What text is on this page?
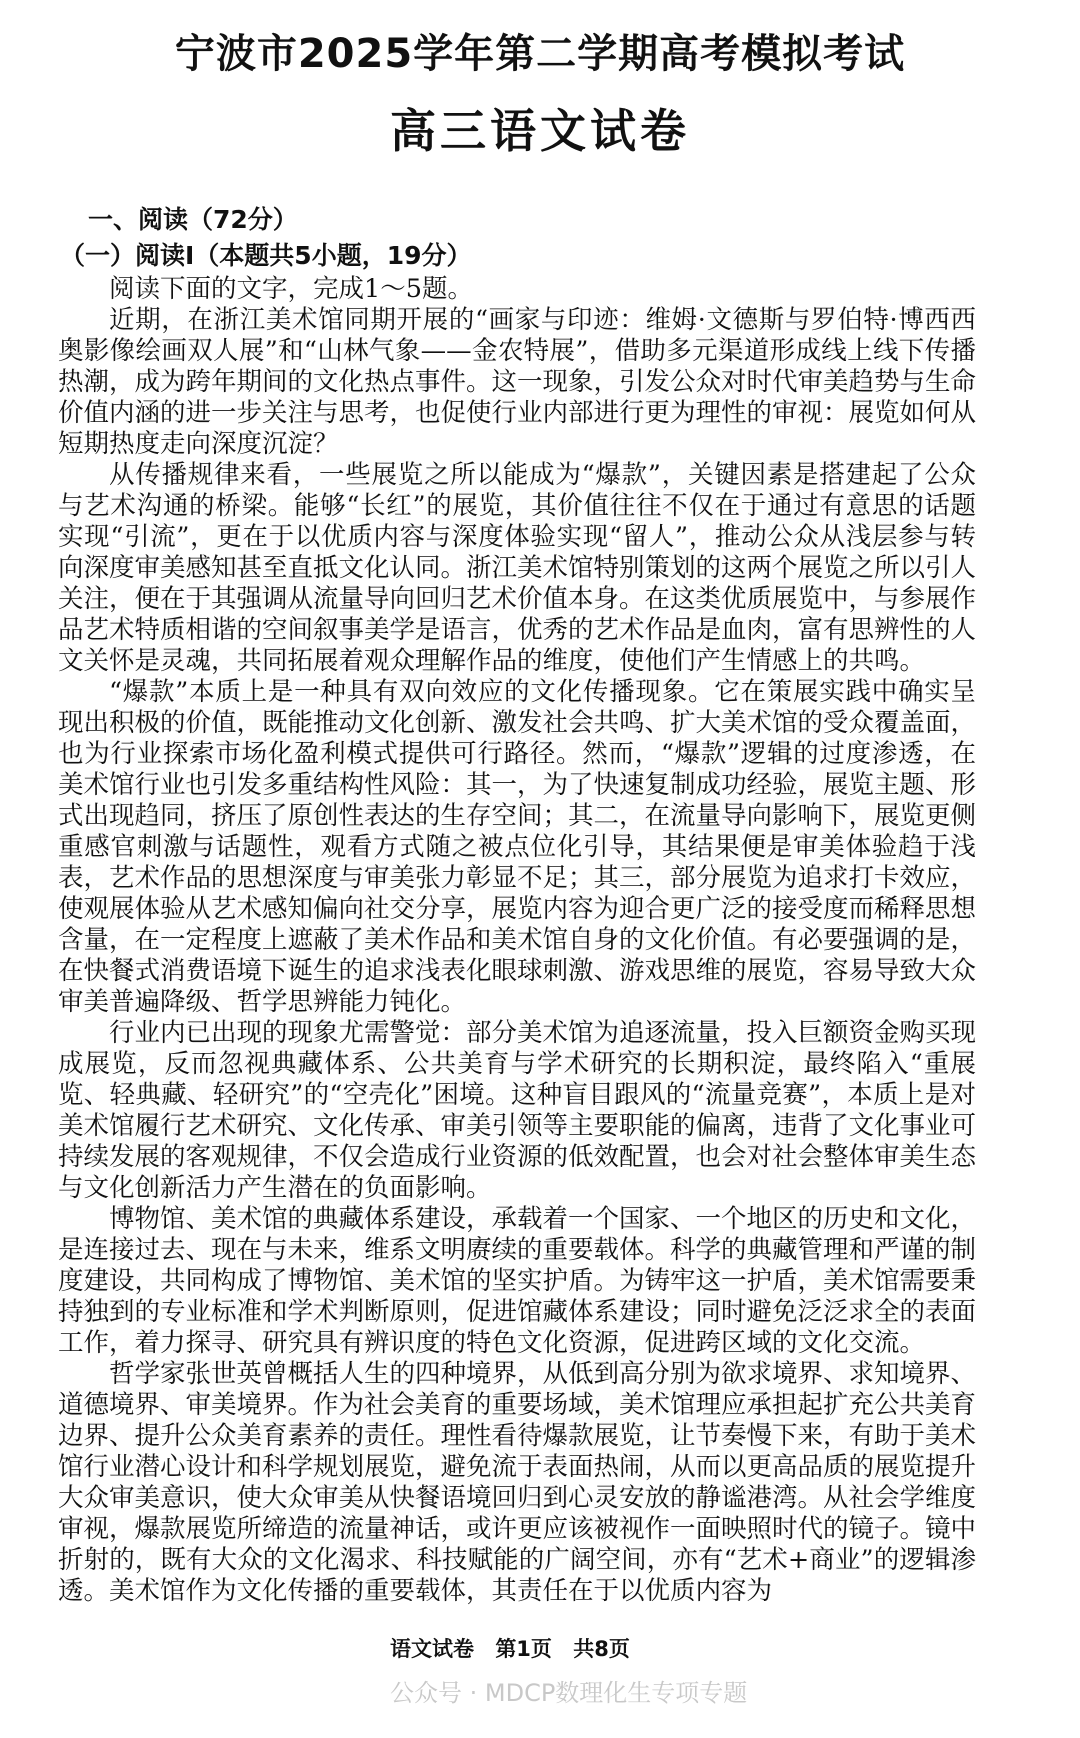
宁波市2025学年第二学期高考模拟考试
高三语文试卷
一、阅读（72分）
（一）阅读Ⅰ（本题共5小题，19分）

阅读下面的文字，完成1～5题。

近期，在浙江美术馆同期开展的“画家与印迹：维姆·文德斯与罗伯特·博西西奥影像绘画双人展”和“山林气象——金农特展”，借助多元渠道形成线上线下传播热潮，成为跨年期间的文化热点事件。这一现象，引发公众对时代审美趋势与生命价值内涵的进一步关注与思考，也促使行业内部进行更为理性的审视：展览如何从短期热度走向深度沉淀？

从传播规律来看，一些展览之所以能成为“爆款”，关键因素是搭建起了公众与艺术沟通的桥梁。能够“长红”的展览，其价值往往不仅在于通过有意思的话题实现“引流”，更在于以优质内容与深度体验实现“留人”，推动公众从浅层参与转向深度审美感知甚至直抵文化认同。浙江美术馆特别策划的这两个展览之所以引人关注，便在于其强调从流量导向回归艺术价值本身。在这类优质展览中，与参展作品艺术特质相谐的空间叙事美学是语言，优秀的艺术作品是血肉，富有思辨性的人文关怀是灵魂，共同拓展着观众理解作品的维度，使他们产生情感上的共鸣。

“爆款”本质上是一种具有双向效应的文化传播现象。它在策展实践中确实呈现出积极的价值，既能推动文化创新、激发社会共鸣、扩大美术馆的受众覆盖面，也为行业探索市场化盈利模式提供可行路径。然而，“爆款”逻辑的过度渗透，在美术馆行业也引发多重结构性风险：其一，为了快速复制成功经验，展览主题、形式出现趋同，挤压了原创性表达的生存空间；其二，在流量导向影响下，展览更侧重感官刺激与话题性，观看方式随之被点位化引导，其结果便是审美体验趋于浅表，艺术作品的思想深度与审美张力彰显不足；其三，部分展览为追求打卡效应，使观展体验从艺术感知偏向社交分享，展览内容为迎合更广泛的接受度而稀释思想含量，在一定程度上遮蔽了美术作品和美术馆自身的文化价值。有必要强调的是，在快餐式消费语境下诞生的追求浅表化眼球刺激、游戏思维的展览，容易导致大众审美普遍降级、哲学思辨能力钝化。

行业内已出现的现象尤需警觉：部分美术馆为追逐流量，投入巨额资金购买现成展览，反而忽视典藏体系、公共美育与学术研究的长期积淀，最终陷入“重展览、轻典藏、轻研究”的“空壳化”困境。这种盲目跟风的“流量竞赛”，本质上是对美术馆履行艺术研究、文化传承、审美引领等主要职能的偏离，违背了文化事业可持续发展的客观规律，不仅会造成行业资源的低效配置，也会对社会整体审美生态与文化创新活力产生潜在的负面影响。

博物馆、美术馆的典藏体系建设，承载着一个国家、一个地区的历史和文化，是连接过去、现在与未来，维系文明赓续的重要载体。科学的典藏管理和严谨的制度建设，共同构成了博物馆、美术馆的坚实护盾。为铸牢这一护盾，美术馆需要秉持独到的专业标准和学术判断原则，促进馆藏体系建设；同时避免泛泛求全的表面工作，着力探寻、研究具有辨识度的特色文化资源，促进跨区域的文化交流。

哲学家张世英曾概括人生的四种境界，从低到高分别为欲求境界、求知境界、道德境界、审美境界。作为社会美育的重要场域，美术馆理应承担起扩充公共美育边界、提升公众美育素养的责任。理性看待爆款展览，让节奏慢下来，有助于美术馆行业潜心设计和科学规划展览，避免流于表面热闹，从而以更高品质的展览提升大众审美意识，使大众审美从快餐语境回归到心灵安放的静谧港湾。从社会学维度审视，爆款展览所缔造的流量神话，或许更应该被视作一面映照时代的镜子。镜中折射的，既有大众的文化渴求、科技赋能的广阔空间，亦有“艺术+商业”的逻辑渗透。美术馆作为文化传播的重要载体，其责任在于以优质内容为

语文试卷 第1页 共8页
公众号 · MDCP数理化生专项专题
